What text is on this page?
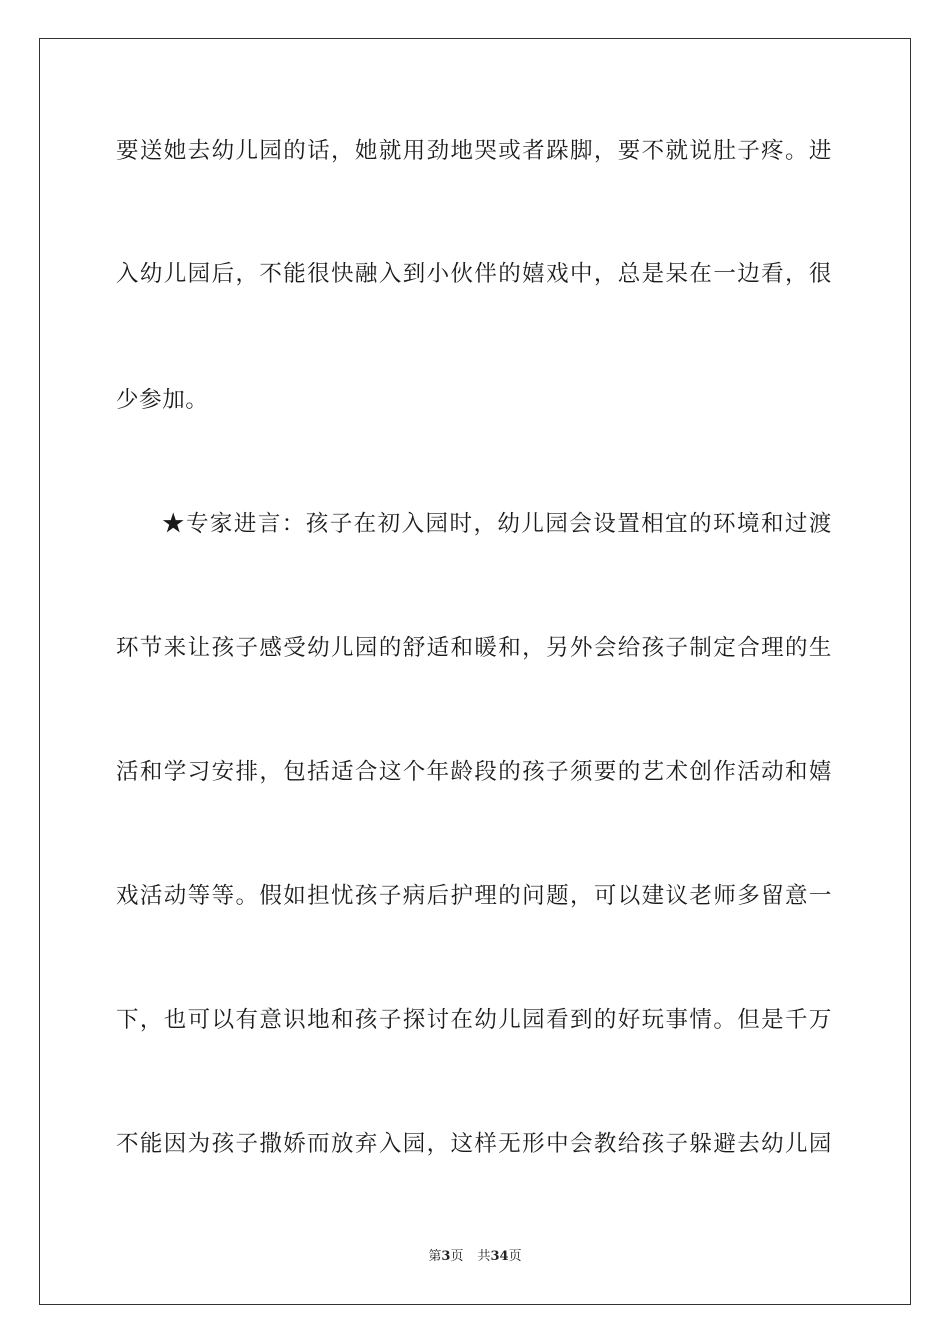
要送她去幼儿园的话，她就用劲地哭或者跺脚，要不就说肚子疼。进
入幼儿园后，不能很快融入到小伙伴的嬉戏中，总是呆在一边看，很
少参加。
★专家进言：孩子在初入园时，幼儿园会设置相宜的环境和过渡
环节来让孩子感受幼儿园的舒适和暖和，另外会给孩子制定合理的生
活和学习安排，包括适合这个年龄段的孩子须要的艺术创作活动和嬉
戏活动等等。假如担忧孩子病后护理的问题，可以建议老师多留意一
下，也可以有意识地和孩子探讨在幼儿园看到的好玩事情。但是千万
不能因为孩子撒娇而放弃入园，这样无形中会教给孩子躲避去幼儿园
第3页 共34页
